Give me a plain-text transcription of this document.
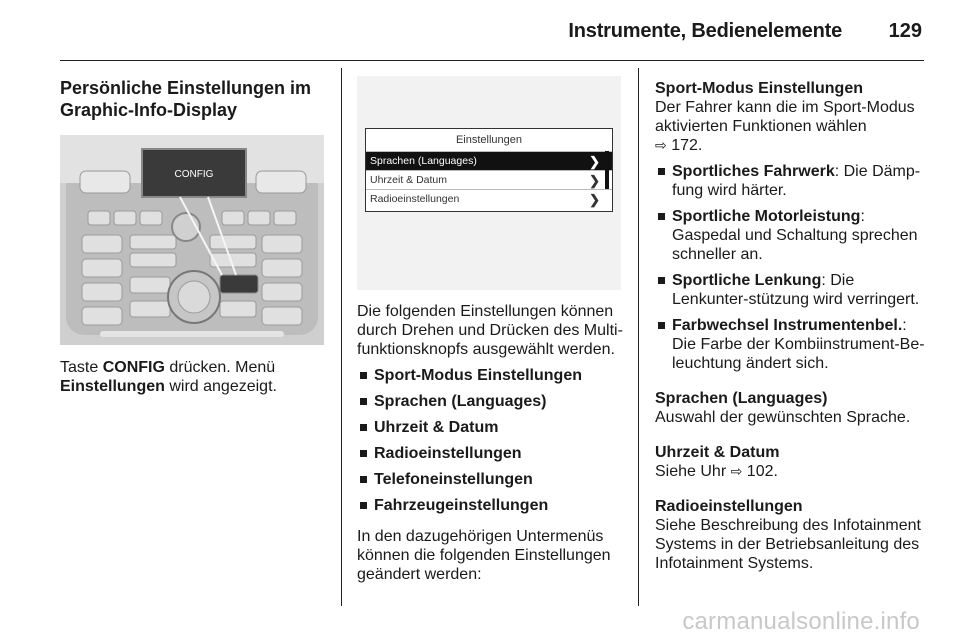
Instrumente, Bedienelemente 129
Persönliche Einstellungen im Graphic-Info-Display
CONFIG
Taste CONFIG drücken. Menü Einstellungen wird angezeigt.
Einstellungen
Sprachen (Languages)	❯
Uhrzeit & Datum	❯
Radioeinstellungen	❯

Die folgenden Einstellungen können durch Drehen und Drücken des Multi-funktionsknopfs ausgewählt werden.

Sport-Modus Einstellungen
Sprachen (Languages)
Uhrzeit & Datum
Radioeinstellungen
Telefoneinstellungen
Fahrzeugeinstellungen

In den dazugehörigen Untermenüs können die folgenden Einstellungen geändert werden:

Sport-Modus Einstellungen
Der Fahrer kann die im Sport-Modus aktivierten Funktionen wählen
⇨ 172.
Sportliches Fahrwerk: Die Dämp-fung wird härter.
Sportliche Motorleistung: Gaspedal und Schaltung sprechen schneller an.
Sportliche Lenkung: Die Lenkunter-stützung wird verringert.
Farbwechsel Instrumentenbel.: Die Farbe der Kombiinstrument-Be-leuchtung ändert sich.
Sprachen (Languages)
Auswahl der gewünschten Sprache.
Uhrzeit & Datum
Siehe Uhr ⇨ 102.
Radioeinstellungen
Siehe Beschreibung des Infotainment Systems in der Betriebsanleitung des Infotainment Systems.
carmanualsonline.info
